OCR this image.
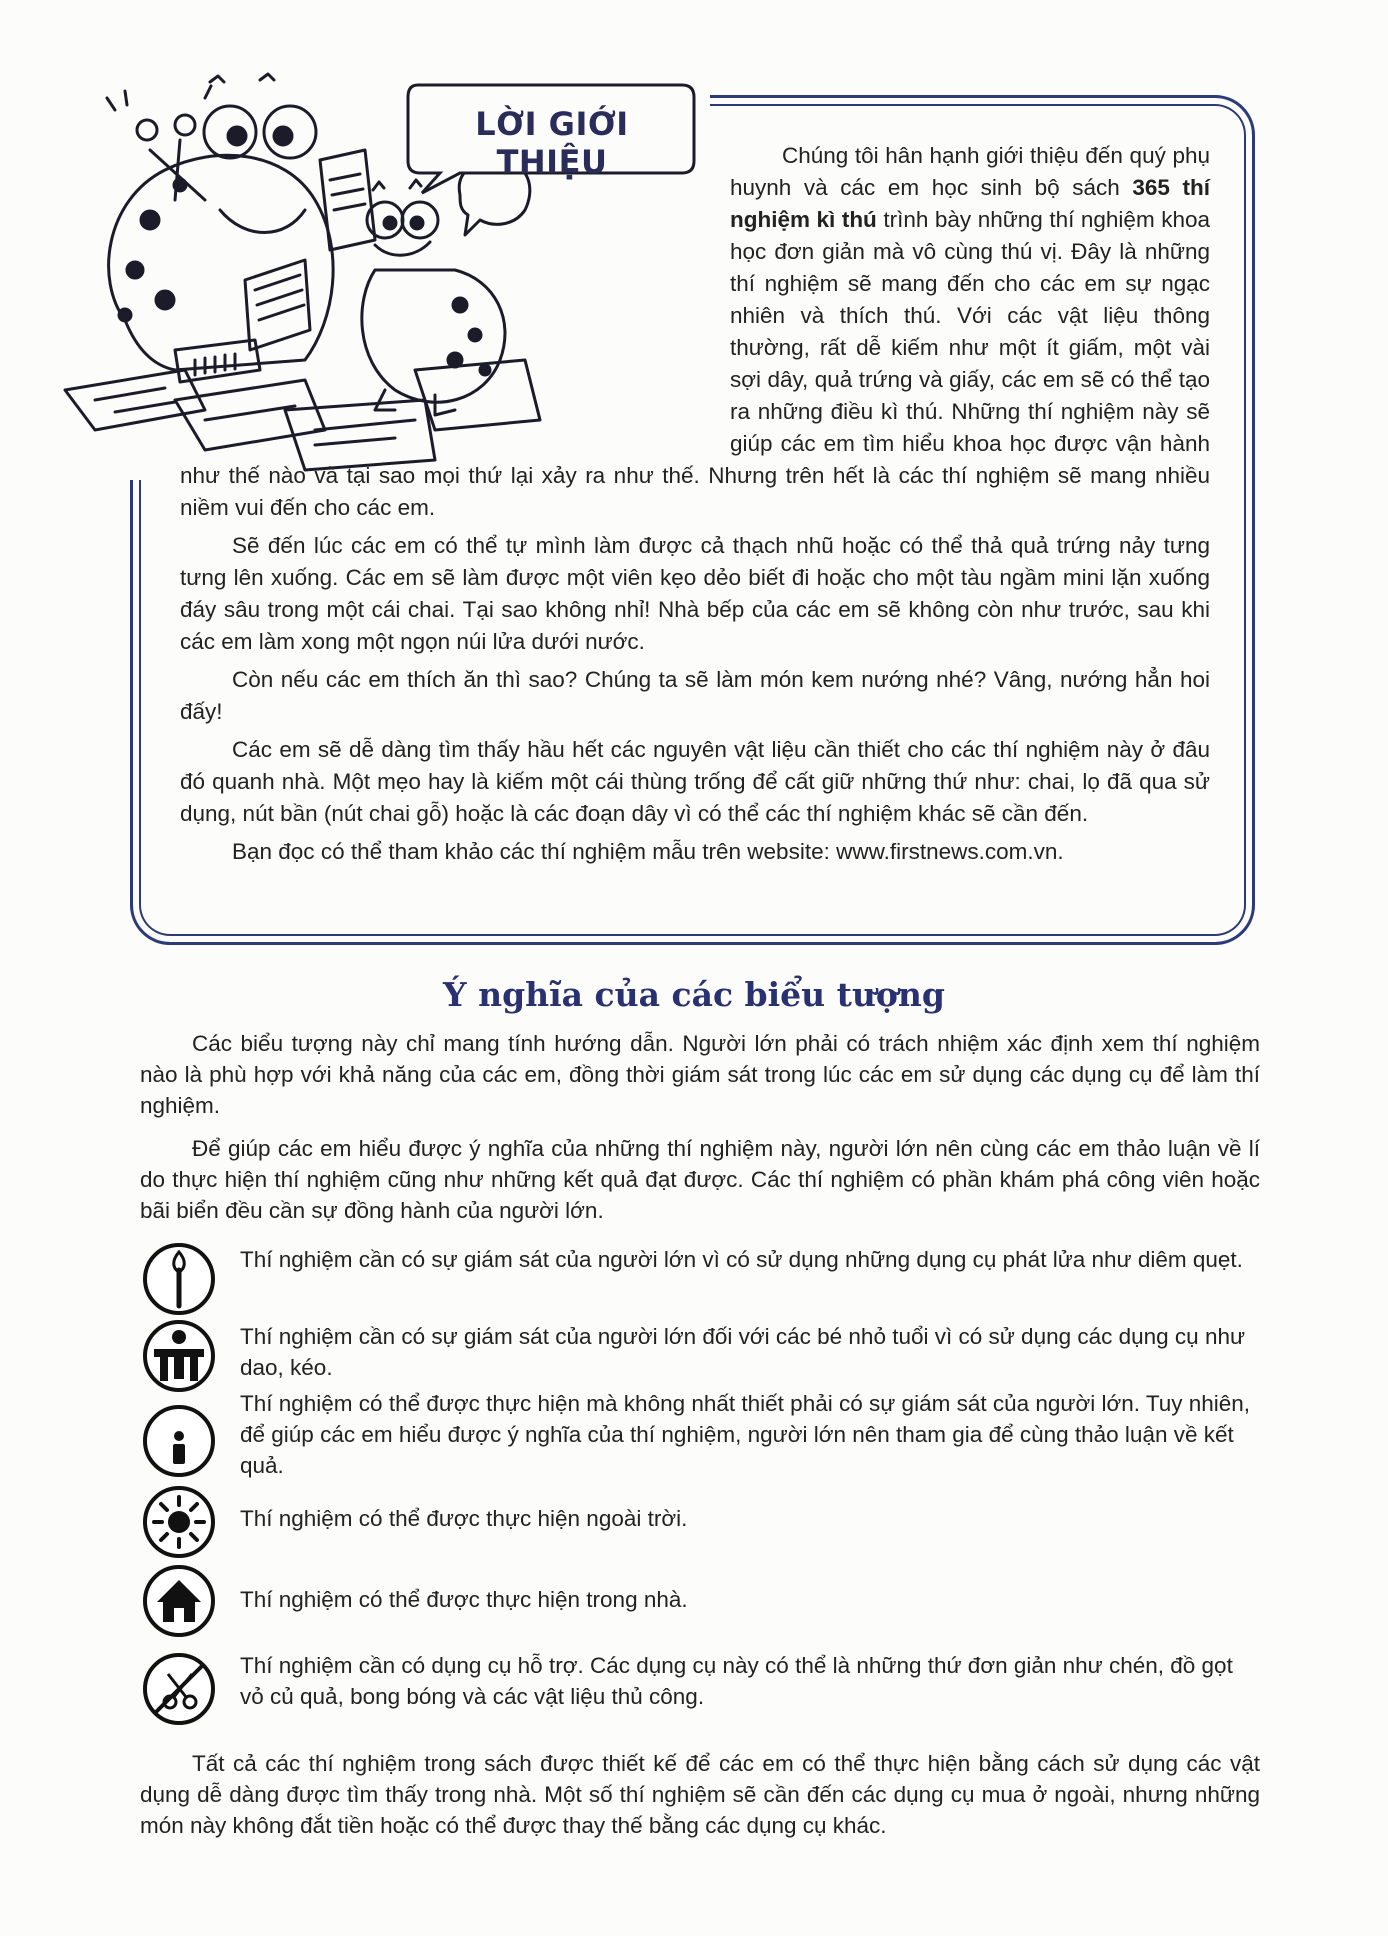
LỜI GIỚI THIỆU	Chúng tôi hân hạnh giới thiệu đến quý phụ huynh và các em học sinh bộ sách 365 thí nghiệm kì thú trình bày những thí nghiệm khoa học đơn giản mà vô cùng thú vị. Đây là những thí nghiệm sẽ mang đến cho các em sự ngạc nhiên và thích thú. Với các vật liệu thông thường, rất dễ kiếm như một ít giấm, một vài sợi dây, quả trứng và giấy, các em sẽ có thể tạo ra những điều kì thú. Những thí nghiệm này sẽ giúp các em tìm hiểu khoa học được vận hành như thế nào và tại sao mọi thứ lại xảy ra như thế. Nhưng trên hết là các thí nghiệm sẽ mang nhiều niềm vui đến cho các em.

Sẽ đến lúc các em có thể tự mình làm được cả thạch nhũ hoặc có thể thả quả trứng nảy tưng tưng lên xuống. Các em sẽ làm được một viên kẹo dẻo biết đi hoặc cho một tàu ngầm mini lặn xuống đáy sâu trong một cái chai. Tại sao không nhỉ! Nhà bếp của các em sẽ không còn như trước, sau khi các em làm xong một ngọn núi lửa dưới nước.

Còn nếu các em thích ăn thì sao? Chúng ta sẽ làm món kem nướng nhé? Vâng, nướng hẳn hoi đấy!

Các em sẽ dễ dàng tìm thấy hầu hết các nguyên vật liệu cần thiết cho các thí nghiệm này ở đâu đó quanh nhà. Một mẹo hay là kiếm một cái thùng trống để cất giữ những thứ như: chai, lọ đã qua sử dụng, nút bần (nút chai gỗ) hoặc là các đoạn dây vì có thể các thí nghiệm khác sẽ cần đến.

Bạn đọc có thể tham khảo các thí nghiệm mẫu trên website: www.firstnews.com.vn.

Ý nghĩa của các biểu tượng

Các biểu tượng này chỉ mang tính hướng dẫn. Người lớn phải có trách nhiệm xác định xem thí nghiệm nào là phù hợp với khả năng của các em, đồng thời giám sát trong lúc các em sử dụng các dụng cụ để làm thí nghiệm.

Để giúp các em hiểu được ý nghĩa của những thí nghiệm này, người lớn nên cùng các em thảo luận về lí do thực hiện thí nghiệm cũng như những kết quả đạt được. Các thí nghiệm có phần khám phá công viên hoặc bãi biển đều cần sự đồng hành của người lớn.

Thí nghiệm cần có sự giám sát của người lớn vì có sử dụng những dụng cụ phát lửa như diêm quẹt.
Thí nghiệm cần có sự giám sát của người lớn đối với các bé nhỏ tuổi vì có sử dụng các dụng cụ như dao, kéo.
Thí nghiệm có thể được thực hiện mà không nhất thiết phải có sự giám sát của người lớn. Tuy nhiên, để giúp các em hiểu được ý nghĩa của thí nghiệm, người lớn nên tham gia để cùng thảo luận về kết quả.
Thí nghiệm có thể được thực hiện ngoài trời.
Thí nghiệm có thể được thực hiện trong nhà.
Thí nghiệm cần có dụng cụ hỗ trợ. Các dụng cụ này có thể là những thứ đơn giản như chén, đồ gọt vỏ củ quả, bong bóng và các vật liệu thủ công.

Tất cả các thí nghiệm trong sách được thiết kế để các em có thể thực hiện bằng cách sử dụng các vật dụng dễ dàng được tìm thấy trong nhà. Một số thí nghiệm sẽ cần đến các dụng cụ mua ở ngoài, nhưng những món này không đắt tiền hoặc có thể được thay thế bằng các dụng cụ khác.
